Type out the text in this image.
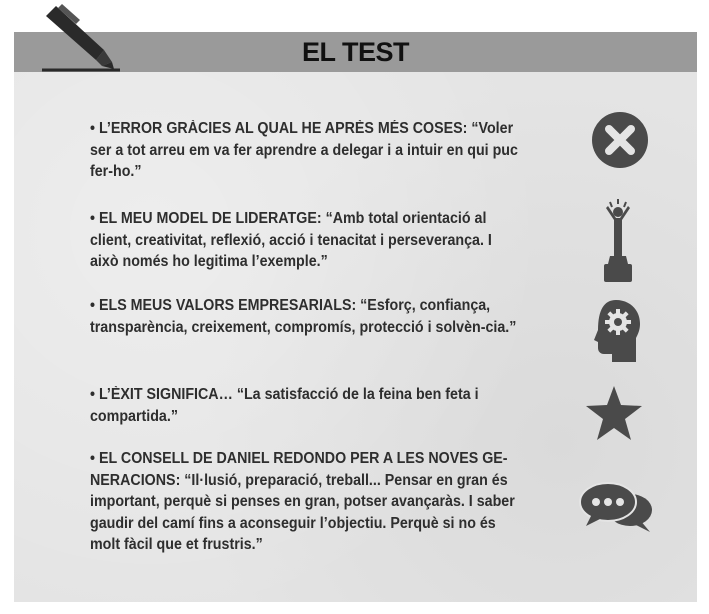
EL TEST
• L’ERROR GRÀCIES AL QUAL HE APRÈS MÉS COSES: “Voler ser a tot arreu em va fer aprendre a delegar i a intuir en qui puc fer-ho.”
• EL MEU MODEL DE LIDERATGE: “Amb total orientació al client, creativitat, reflexió, acció i tenacitat i perseverança. I això només ho legitima l’exemple.”
• ELS MEUS VALORS EMPRESARIALS: “Esforç, confiança, transparència, creixement, compromís, protecció i solvèn-cia.”
• L’ÈXIT SIGNIFICA… “La satisfacció de la feina ben feta i compartida.”
• EL CONSELL DE DANIEL REDONDO PER A LES NOVES GE-NERACIONS: “Il·lusió, preparació, treball... Pensar en gran és important, perquè si penses en gran, potser avançaràs. I saber gaudir del camí fins a aconseguir l’objectiu. Perquè si no és molt fàcil que et frustris.”
